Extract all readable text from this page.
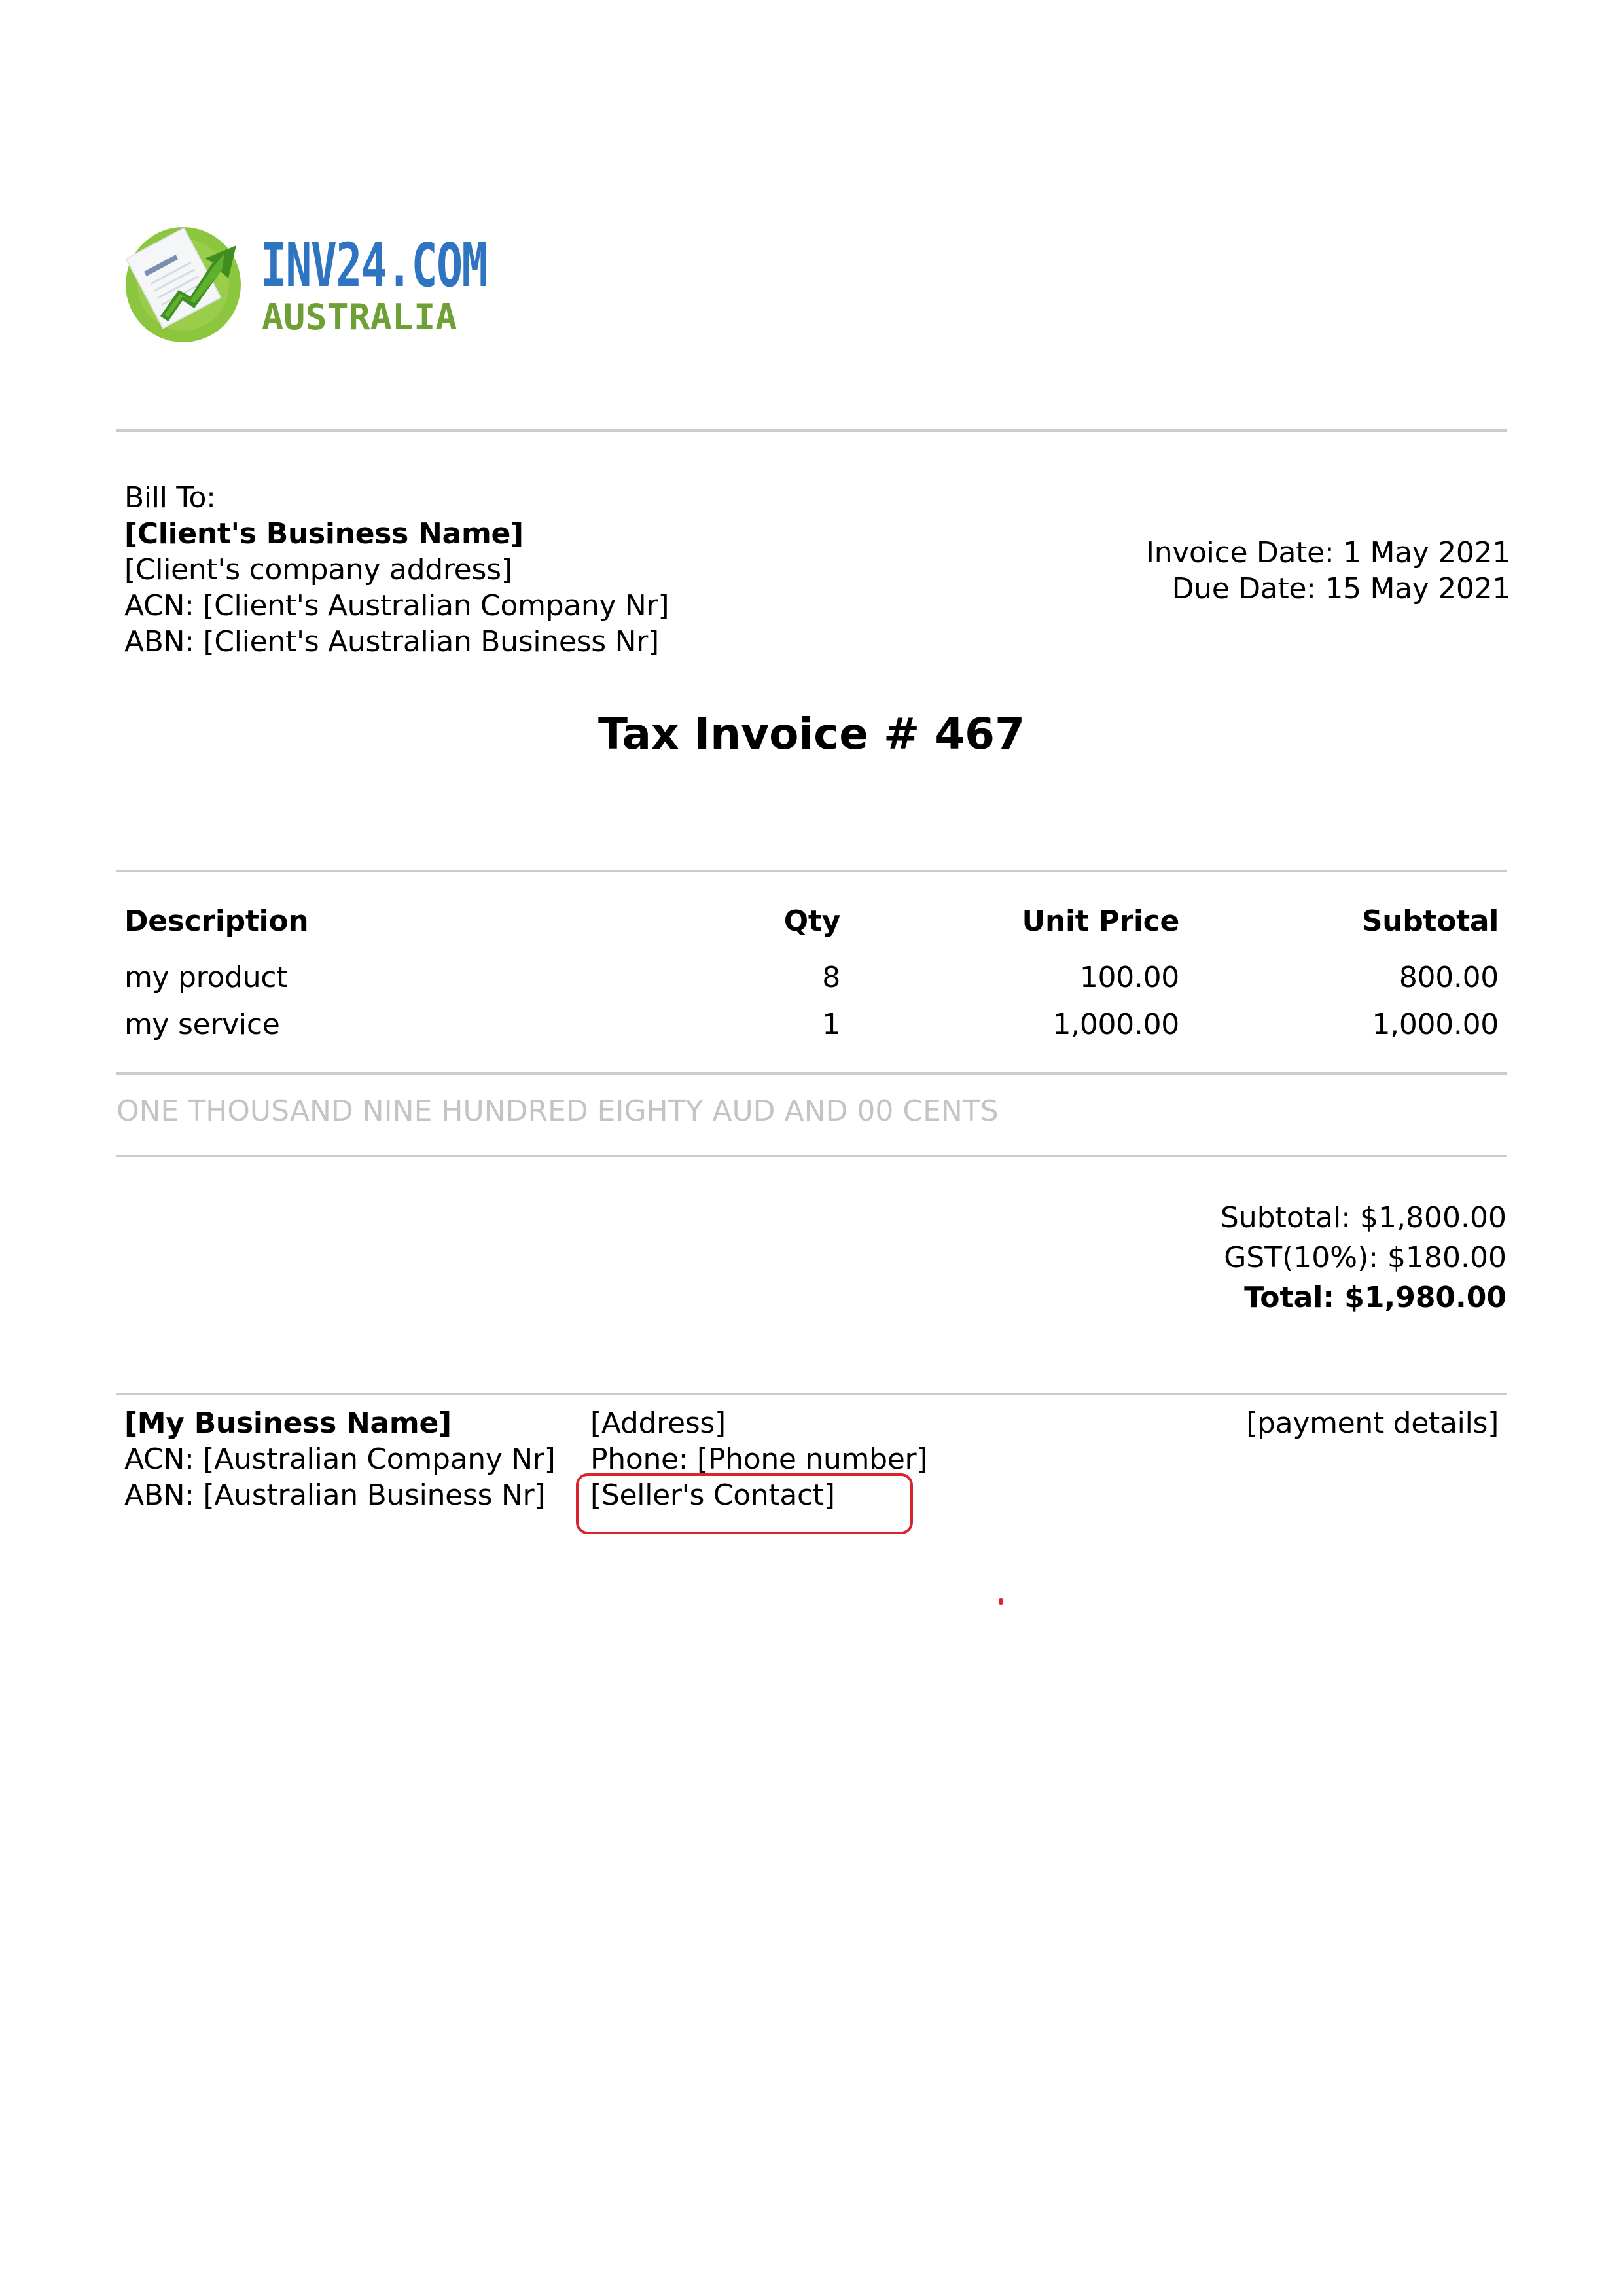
INV24.COM
AUSTRALIA
Bill To:
[Client's Business Name]
[Client's company address]
ACN: [Client's Australian Company Nr]
ABN: [Client's Australian Business Nr]
Invoice Date: 1 May 2021
Due Date: 15 May 2021
Tax Invoice # 467
Description	Qty	Unit Price	Subtotal
my product	8	100.00	800.00
my service	1	1,000.00	1,000.00
ONE THOUSAND NINE HUNDRED EIGHTY AUD AND 00 CENTS
Subtotal: $1,800.00
GST(10%): $180.00
Total: $1,980.00
[My Business Name]
ACN: [Australian Company Nr]
ABN: [Australian Business Nr]
[Address]
Phone: [Phone number]
[Seller's Contact]
[payment details]
